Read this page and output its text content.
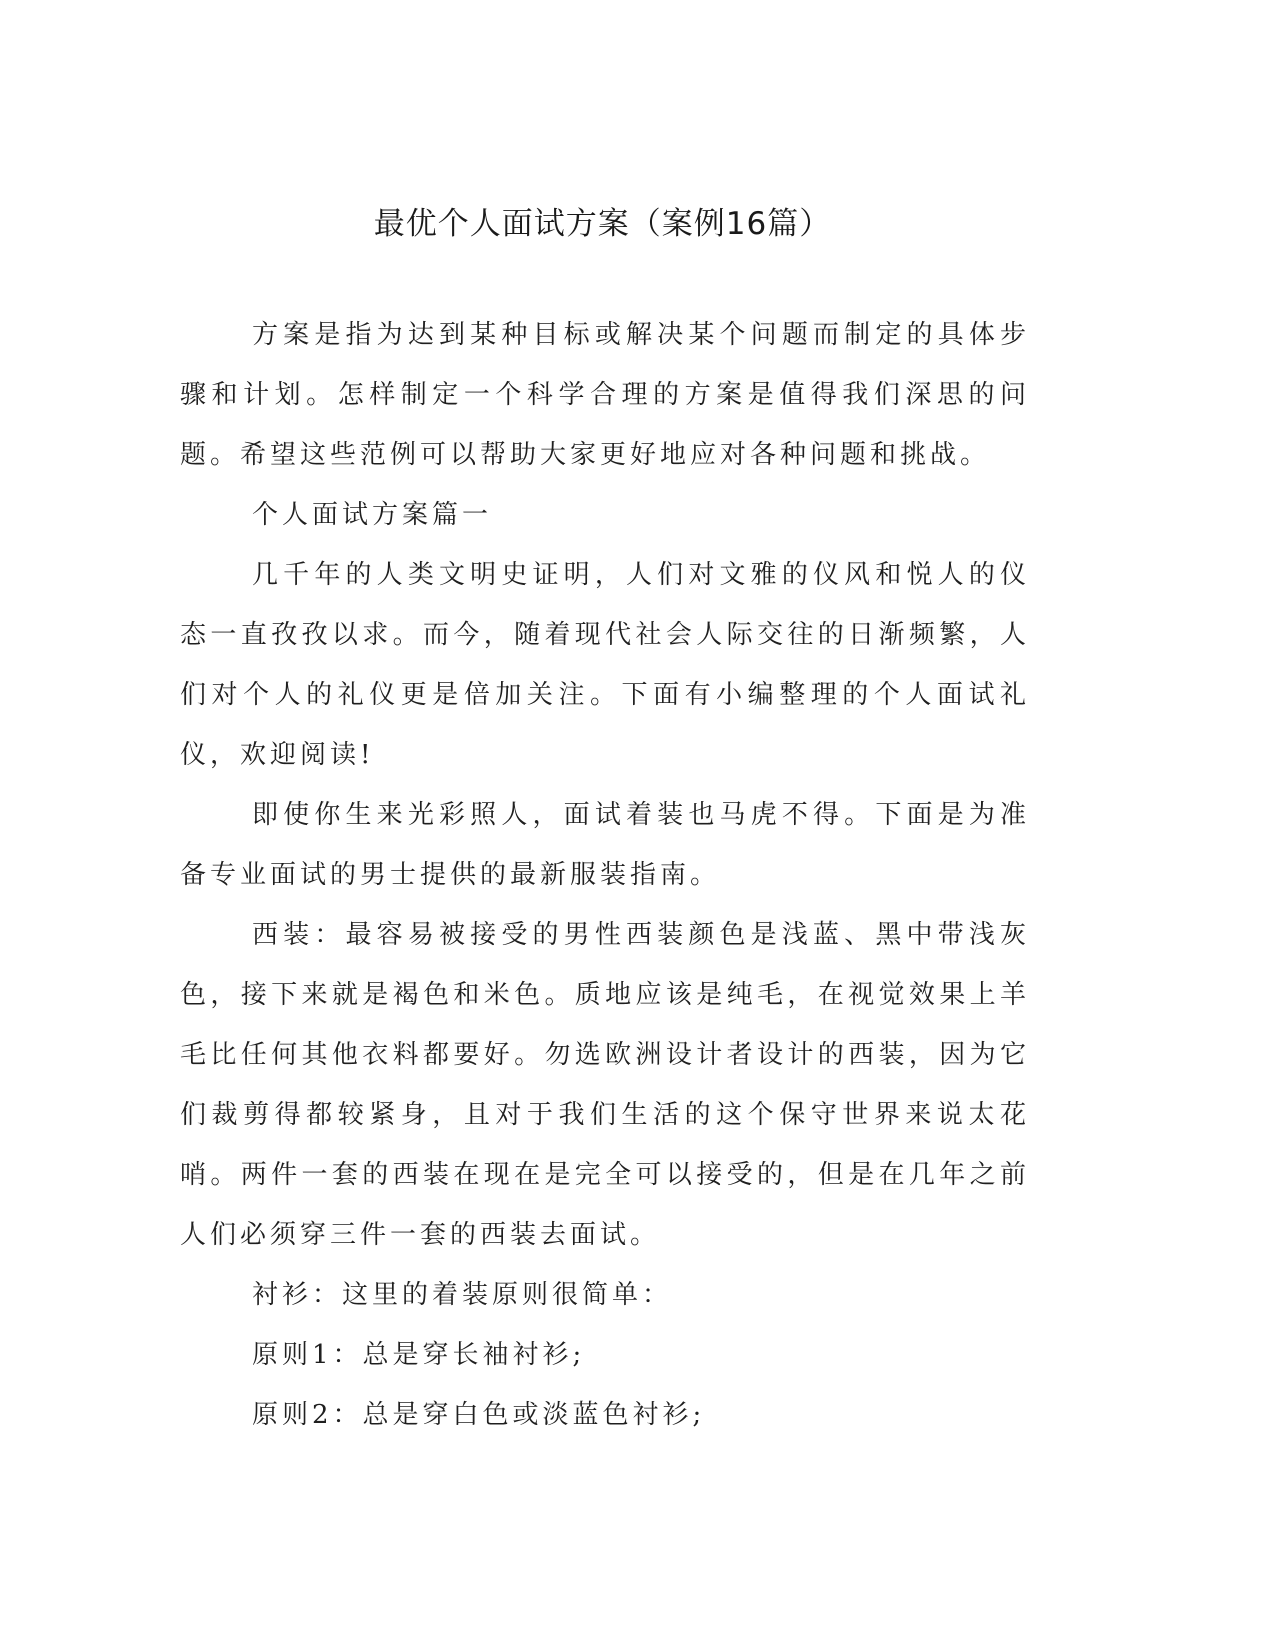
最优个人面试方案（案例16篇）

方案是指为达到某种目标或解决某个问题而制定的具体步骤和计划。怎样制定一个科学合理的方案是值得我们深思的问题。希望这些范例可以帮助大家更好地应对各种问题和挑战。

个人面试方案篇一

几千年的人类文明史证明，人们对文雅的仪风和悦人的仪态一直孜孜以求。而今，随着现代社会人际交往的日渐频繁，人们对个人的礼仪更是倍加关注。下面有小编整理的个人面试礼仪，欢迎阅读!

即使你生来光彩照人，面试着装也马虎不得。下面是为准备专业面试的男士提供的最新服装指南。

西装：最容易被接受的男性西装颜色是浅蓝、黑中带浅灰色，接下来就是褐色和米色。质地应该是纯毛，在视觉效果上羊毛比任何其他衣料都要好。勿选欧洲设计者设计的西装，因为它们裁剪得都较紧身，且对于我们生活的这个保守世界来说太花哨。两件一套的西装在现在是完全可以接受的，但是在几年之前人们必须穿三件一套的西装去面试。

衬衫：这里的着装原则很简单：

原则1：总是穿长袖衬衫;

原则2：总是穿白色或淡蓝色衬衫;
